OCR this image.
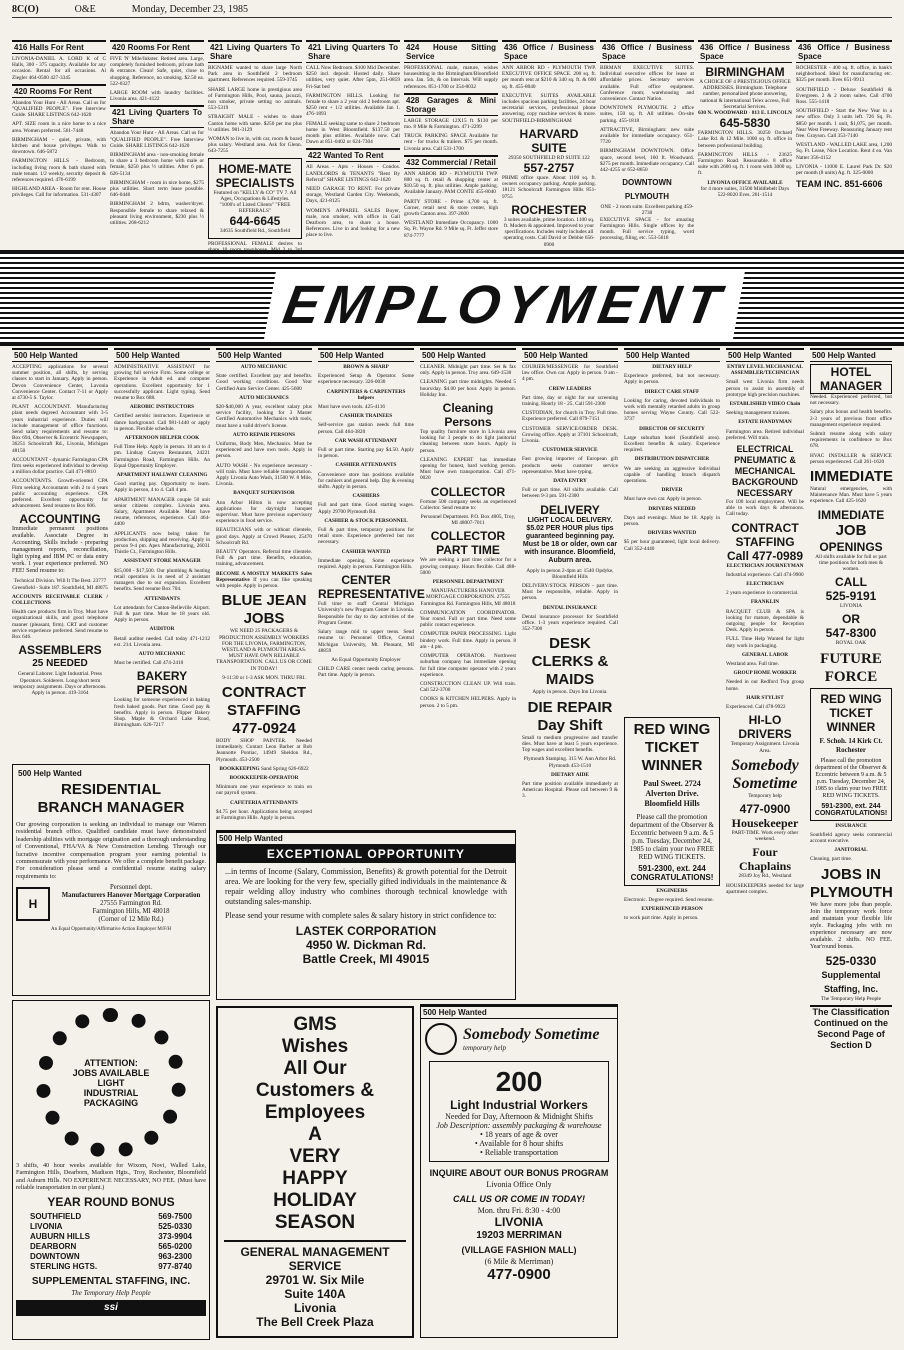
8C(O)	O&E	Monday, December 23, 1985
416 Halls For Rent

LIVONIA-DANIEL A. LORD K of C Halls, 300 - 375 capacity. Available for any occasion. Rental for all occasions. Al Ziegler 464-0500 427-3345

420 Rooms For Rent

Abandon Your Hunt - All Areas. Call us for "QUALIFIED PEOPLE". Free Interview Guide. SHARE LISTINGS 642-1620

APT. SIZE room in a nice home to a nice area. Women preferred. 561-7448

BIRMINGHAM - quiet, private, with kitchen and house privileges. Walk to downtown. 646-5872

FARMINGTON HILLS - Bedroom, including living room & bath shared with male tenant. 1/2 weekly, security deposit & references required. 476-6199

HIGHLAND AREA - Room for rent. House privileges. Call for information. 531-4307

420 Rooms For Rent

FIVE 'N' Mile/Inkster. Retired area. Large, completely furnished bedroom, private bath & entrance. Clean! Safe, quiet, close to shopping. Reference, no smoking. $2.50 ea. 522-0327

LARGE ROOM with laundry facilities. Livonia area. 421-4122

421 Living Quarters To Share

Abandon Your Hunt - All Areas. Call us for "QUALIFIED PEOPLE". Free Interview Guide. SHARE LISTINGS 642-1620

BIRMINGHAM area - non-smoking female to share a 3 bedroom home with male or female, $250 plus ½ utilities. After 6 pm. 626-5134

BIRMINGHAM - room in nice home, $275 plus utilities. Short term lease possible. 646-0446

BIRMINGHAM 2 bdrm, washer/dryer. Responsible female to share relaxed & pleasant living environment, $230 plus ½ utilities. 268-6212

421 Living Quarters To Share

BIGNAME wanted to share large North Park area in Southfield 2 bedroom apartment. References required. 559-3745

SHARE LARGE home in prestigious area of Farmington Hills, Pool, sauna, jacuzzi, non smoker, private setting no animals. 553-5319

STRAIGHT MALE - wishes to share Canton home with same. $250 per mo plus ½ utilities. 981-3129

WOMAN to live in, with car, room & board plus salary. Westland area. Ask for Glenn. 643-7255

HOME-MATE SPECIALISTS

Featured on "KELLY & CO" TV 7. All Ages, Occupations & Lifestyles. "1000's of Listed Clients" "FREE REFERRALS"

644-6645

34635 Southfield Rd., Southfield

PROFESSIONAL FEMALE desires to

421 Living Quarters To Share

CALL Now Bedroom. $100 Mid December. $250 incl. deposit. Hosted daily. Share utilities, very quiet. After 5pm, 251-0859 Fri-Sat bed

FARMINGTON HILLS. Looking for female to share a 2 year old 2 bedroom apt. $250 rent + 1/2 utilities. Available Jan 1. 476-1893

FEMALE seeking same to share 2 bedroom home in West Bloomfield. $137.50 per month plus utilities. Available now. Call Dawn at 851-0402 or 624-7304

422 Wanted To Rent

All Areas - Apts - Houses - Condos. LANDLORDS & TENANTS "Rent By Referral" SHARE LISTINGS 642-1620

NEED GARAGE TO RENT. For private storage, Westland Garden City. Weekends, Days, 421-8125

WOMEN'S APPAREL SALES Buyer, male, non smoker, with office in Gail Dearborn area, to share a house. References. Live in and looking for a new place to live.

424 House Sitting Service

PROFESSIONAL male, mature, wishes housesitting in the Birmingham/Bloomfield area. Jan. 5th, & on Intervals. Will supply references. 851-1700 or 354-8032

428 Garages & Mini Storage

LARGE STORAGE 12X15 ft. $130 per mo. 8 Mile & Farmington. 471-2299

TRUCK PARKING SPACE Available for rent - for trucks & trailers. $75 per month. Livonia area. Call 531-1700

432 Commercial / Retail

ANN ARBOR RD - PLYMOUTH TWP. 800 sq. ft. retail & shopping center at $10.50 sq. ft. plus utilities. Ample parking. Available January. PAM CONTE 455-8040

PARTY STORE - Prime 4,700 sq. ft. Corner, retail next & store center, high growth Canton area. 397-2600

WESTLAND Immediate Occupancy. 1000 Sq. Ft. Wayne Rd. 9 Mile sq. Ft. Jeffer store 874-7777

436 Office / Business Space

ANN ARBOR RD - PLYMOUTH TWP. EXECUTIVE OFFICE SPACE. 200 sq. ft. per month rent at $210 & 340 sq. ft. & 600 sq. ft. 455-8040

EXECUTIVE SUITES AVAILABLE includes spacious parking facilities, 24 hour secretarial services, professional phone answering, copy machine services & more. SOUTHFIELD-BIRMINGHAM

HARVARD SUITE

29350 SOUTHFIELD RD SUITE 122

557-2757

PRIME office space. About 1100 sq. ft. owners occupancy parking. Ample parking. 18121 Schoolcraft Farmington Hills 851-9755

ROCHESTER

3 suites available, prime location. 1100 sq. ft. Modern & appointed. Improved to your specifications. Includes realty includes all operating costs. Call David or Debbie 656-0900

436 Office / Business Space

BIRMAN EXECUTIVE SUITES. Individual executive offices for lease at affordable prices. Secretary services available. Full office equipment. Conference room; warehousing and convenience. Contact Nation.

DOWNTOWN PLYMOUTH. 2 office suites, 150 sq. ft. All utilities. On-site parking. 455-1818

ATTRACTIVE, Birmingham: new suite available for immediate occupancy. 651-7720

BIRMINGHAM DOWNTOWN. Office space, second level, 160 ft. Woodward. $275 per month. Immediate occupancy. Call 442-4255 or 652-8650

DOWNTOWN PLYMOUTH

ONE - 2 room suite. Excellent parking 459-2730

EXECUTIVE SPACE - for amazing Farmington Hills. Single offices by the month. Full service typing, word processing, filing, etc. 553-5618

436 Office / Business Space
BIRMINGHAM

A CHOICE OF 4 PRESTIGIOUS OFFICE ADDRESSES. Birmingham. Telephone number, personalized phone answering, national & international Telex access, Full Secretarial Services.

630 N. WOODWARD · 813 E. LINCOLN

645-5830

FARMINGTON HILLS. 30250 Orchard Lake Rd. & 12 Mile. 1000 sq. ft. office in between professional building.

FARMINGTON HILLS - 23625 Farmington Road. Reasonable. 8 office suite with 2600 sq. ft. 1 room with 3000 sq. ft.

LIVONIA OFFICE AVAILABLE

for 4 more suites, 31500 Middlebelt Days 522-8020 Eves. 261-1514

436 Office / Business Space

ROCHESTER - 400 sq. ft. office, in bank's neighborhood. Ideal for manufacturing etc. $325 per month. Eves 651-9913

SOUTHFIELD - Deluxe Southfield & Evergreen. 2 & 2 room suites. Call 4700 Ross. 555-1418

SOUTHFIELD - Start the New Year in a new office. Only 3 units left. 726 Sq. Ft. $850 per month. 1 unit, $1,075, per month. Near West Freeway. Reassuring January rent free. Grayson. Call 353-7140

WESTLAND - WALLED LAKE area, 1,200 Sq. Ft. Lease, Nice Location. Rent 4 ea. Van Natter 356-4152

LIVONIA - 11000 E. Laurel Park Dr. $20 per month (8 units) Ag. ft. 325-0000

TEAM INC. 851-6606
EMPLOYMENT
500 Help Wanted

ACCEPTING applications for several summer position, all shifts, by serving classes to start in January. Apply in person. Devon Convenience Center, Lavonia Convenience Center. Contact 7-11 or Apply at 4730-5 S. Taylor.

PLANT ACCOUNTANT. Manufacturing plant needs degreed Accountant with 3-5 years industrial experience. Duties will include management of office functions. Send salary requirements and resume to: Box 694, Observer & Eccentric Newspapers, 36251 Schoolcraft Rd., Livonia, Michigan 48150

ACCOUNTANT - dynamic Farmington CPA firm seeks experienced individual to develop a million dollar practice. Call 471-8810

ACCOUNTANTS. Growth-oriented CPA Firm seeking Accountants with 2 to 4 years public accounting experience. CPA preferred. Excellent opportunity for advancement. Send resume to Box 606.

ACCOUNTING

Immediate permanent positions available. Associate Degree in Accounting, Skills include - preparing management reports, reconciliation, light typing and IBM PC or data entry work. 1 year experience preferred. NO FEE! Send resume to:

Technical Division. Will It The Best. 23777 Greenfield - Suite 187. Southfield, MI 48075

ACCOUNTS RECEIVABLE CLERK / COLLECTIONS

Health care products firm in Troy. Must have organizational skills, and good telephone manner (pleasant, firm). CRT and customer service experience preferred. Send resume to Box 646.

ASSEMBLERS
25 NEEDED

General Laborer. Light Industrial. Press Operators. Solderers. Long/short term temporary assignments. Days or afternoons. Apply in person. 419-3164

500 Help Wanted

ADMINISTRATIVE ASSISTANT for growing full service Firm. Some college or Experience in Adult ed. and computer operations. Excellent opportunity for 1 successfully applicant. Light typing. Send resume to Box 688.

AEROBIC INSTRUCTORS

Certified aerobic instructors. Experience or dance background. Call 981-1440 or apply in person. Flexible schedule.

AFTERNOON HELPER COOK

Full Time Help. Apply in person. 10 am to 4 pm. Lindsay Canyon Restaurant, 24221 Farmington Road, Farmington Hills. An Equal Opportunity Employer.

APARTMENT HALLWAY CLEANING

Good starting pay. Opportunity to learn. Apply in person, 4 to 4. Call 4 pm.

APARTMENT MANAGER couple 50 unit senior citizens complex. Livonia area. Salary, Apartment Available. Must have resume, references, experience. Call 464-4400

APPLICANTS now being taken for production, shipping and receiving. Apply in person 9-4 pm. Apex Manufacturing, 26031 Thistle Ct., Farmington Hills.

ASSISTANT STORE MANAGER

$15,000 - $17,500. Our plumbing & heating retail operation is in need of 2 assistant managers due to our expansion. Excellent benefits. Send resume Box 704.

ATTENDANTS

Lot attendants for Canton-Belleville Airport. Full & part time. Must be 18 years old. Apply in person.

AUDITOR

Retail auditor needed. Call today 471-1212 ext. 214. Livonia area.

AUTO MECHANIC

Must be certified. Call 474-2410

BAKERY PERSON

Looking for someone experienced in baking fresh baked goods. Part time. Good pay & benefits. Apply in person. Flipper Bakery Shop. Maple & Orchard Lake Road, Birmingham. 626-7217

500 Help Wanted

AUTO MECHANIC

State certified. Excellent pay and benefits. Good working conditions. Good Year Certified Auto Service Center. 425-5600

AUTO MECHANICS

$20-$40,000 A year, excellent salary plus service facility, looking for 3 Master Certified Automotive Mechanics with tools, must have a valid driver's license.

AUTO REPAIR PERSONS

Uniforms, Body Men, Mechanics. Must be experienced and have own tools. Apply in person.

AUTO WASH - No experience necessary - will train. Must have reliable transportation. Apply Livonia Auto Wash, 31500 W. 8 Mile, Livonia.

BANQUET SUPERVISOR

Ann Arbor Hilton is now accepting applications for day/night banquet supervisor. Must have previous supervisory experience in food service.

BEAUTICIANS with or without clientele, good days. Apply at Crowd Pleaser, 25470 Schoolcraft Rd.

BEAUTY Operators. Referral time clientele. Full & part time. Benefits, education, training, advancement.

BECOME A MOSTLY MARKETS Sales Representative If you can like speaking with people. Apply in person.

BLUE JEAN JOBS

WE NEED 25 PACKAGERS & PRODUCTION ASSEMBLY WORKERS FOR THE LIVONIA, FARMINGTON, WESTLAND & PLYMOUTH AREAS. MUST HAVE OWN RELIABLE TRANSPORTATION. CALL US OR COME IN TODAY!

9-11:30 or 1-3 ASK MON. THRU FRI.

CONTRACT STAFFING
477-0924

BODY SHOP PAINTER. Needed immediately. Contact Leon Barber at Bob Jeannotte Pontiac, 14949 Sheldon Rd., Plymouth. 453-2500

BOOKKEEPING Sand Spring 626-6922

BOOKKEEPER-OPERATOR

Minimum one year experience to train on our payroll system.

CAFETERIA ATTENDANTS

$4.75 per hour. Applications being accepted at Farmington Hills. Apply in person.

500 Help Wanted

BROWN & SHARP

Experienced Setup & Operator. Some experience necessary. 326-0030

CARPENTERS & CARPENTERS helpers

Must have own tools. 425-4116

CASHIER TRAINEES

Self-service gas station needs full time person. Call 464-3820

CAR WASH ATTENDANT

Full or part time. Starting pay $4.50. Apply in person.

CASHIER ATTENDANTS

Convenience store has positions available for cashiers and general help. Day & evening shifts. Apply in person.

CASHIERS

Full and part time. Good starting wages. Apply 29700 Plymouth Rd.

CASHIER & STOCK PERSONNEL

Full & part time, temporary positions for retail store. Experience preferred but not necessary.

CASHIER WANTED

Immediate opening. Some experience required. Apply in person. Farmington Hills.

CENTER REPRESENTATIVE

Full time to staff Central Michigan University's new Program Center in Livonia. Responsible for day to day activities of the Program Center.

Salary range mid to upper teens. Send resume to: Personnel Office, Central Michigan University, Mt. Pleasant, MI 48859

An Equal Opportunity Employer

CHILD CARE center needs caring persons. Part time. Apply in person.

500 Help Wanted

CLEANER. Midnight part time. Set & fax only. Apply in person. Troy area. 649-1530

CLEANING part time midnights. Needed 5 hours/day. $4.00 per hour. Apply in person. Holiday Inn.

Cleaning Persons

Top quality furniture store in Livonia area looking for 3 people to do light janitorial cleaning between store hours. Apply in person.

CLEANING EXPERT has immediate opening for honest, hard working person. Must have own transportation. Call 471-0020

COLLECTOR

Fortune 500 company seeks an experienced Collector. Send resume to:

Personnel Department. P.O. Box 4005, Troy, MI 48007-7011

COLLECTOR PART TIME

We are seeking a part time collector for a growing company. Hours flexible. Call 488-5000

PERSONNEL DEPARTMENT

MANUFACTURERS HANOVER MORTGAGE CORPORATION. 27555 Farmington Rd. Farmington Hills, MI 48018

COMMUNICATION COORDINATOR. Year round. Full or part time. Need some public contact experience.

COMPUTER PAPER PROCESSING. Light bindery work. Full time. Apply in person. 8 am - 4 pm.

COMPUTER OPERATOR. Northwest suburban company has immediate opening for full time computer operator with 2 years experience.

CONSTRUCTION CLEAN UP. Will train. Call 522-3700

COOKS & KITCHEN HELPERS. Apply in person. 2 to 5 pm.

500 Help Wanted

COURIER/MESSENGER for Southfield law office. Own car. Apply in person. 9 am - 4 pm.

CREW LEADERS

Part time, day or night for our screening training. Hourly 18 - 25. Call 591-2300

CUSTODIAN, for church in Troy. Full time. Experience preferred. Call 879-7151

CUSTOMER SERVICE/ORDER DESK. Growing office. Apply at 37101 Schoolcraft, Livonia.

CUSTOMER SERVICE

Fast growing importer of European gift products seeks customer service representative. Must have typing.

DATA ENTRY

Full or part time. All shifts available. Call between 9-3 pm. 591-2300

DELIVERY

LIGHT LOCAL DELIVERY. $5.02 PER HOUR plus tips guaranteed beginning pay. Must be 18 or older, own car with insurance. Bloomfield, Auburn area.

Apply in person 2-4pm at: 1540 Opdyke, Bloomfield Hills

DELIVERY/STOCK PERSON - part time. Must be responsible, reliable. Apply in person.

DENTAL INSURANCE

Dental insurance processor for Southfield office. 1-3 years experience required. Call 352-7300

DESK CLERKS & MAIDS

Apply in person. Days Inn Livonia.

DIE REPAIR Day Shift

Small to medium progressive and transfer dies. Must have at least 5 years experience. Top wages and excellent benefits.

Plymouth Stamping. 315 W. Ann Arbor Rd. Plymouth 453-1510

DIETARY AIDE

Part time position available immediately at American Hospital. Please call between 9 & 3.

500 Help Wanted

DIETARY HELP

Experience preferred, but not necessary. Apply in person.

DIRECT CARE STAFF

Looking for caring, devoted individuals to work with mentally retarded adults in group homes serving Wayne County. Call 522-3737

DIRECTOR OF SECURITY

Large suburban hotel (Southfield area). Excellent benefits & salary. Experience required.

DISTRIBUTION DISPATCHER

We are seeking an aggressive individual capable of handling branch dispatch operations.

DRIVER

Must have own car. Apply in person.

DRIVERS NEEDED

Days and evenings. Must be 18. Apply in person.

DRIVERS WANTED

$5 per hour guaranteed, light local delivery. Call 352-4440

RED WING TICKET WINNER

Paul Sweet. 2724 Alverton Drive. Bloomfield Hills

Please call the promotion department of the Observer & Eccentric between 9 a.m. & 5 p.m. Tuesday, December 24, 1985 to claim your two FREE RED WING TICKETS.

591-2300, ext. 244

CONGRATULATIONS!

ENGINEERS

Electronic. Degree required. Send resume.

EXPERIENCED PERSON

to work part time. Apply in person.

500 Help Wanted

ENTRY LEVEL MECHANICAL ASSEMBLER/TECHNICIAN

Small west Livonia firm needs person to assist in assembly of prototype high precision machines.

ESTABLISHED VIDEO Chain

Seeking management trainees.

ESTATE HANDYMAN

Farmington area. Retired individual preferred. Will train.

ELECTRICAL PNEUMATIC & MECHANICAL BACKGROUND NECESSARY

For 100 local employment. Will be able to work days & afternoons. Call today.

CONTRACT STAFFING
Call 477-0989

ELECTRICIAN JOURNEYMAN

Industrial experience. Call 474-9900

ELECTRICIAN

2 years experience in commercial.

FRANKLIN

RACQUET CLUB & SPA is looking for mature, dependable & outgoing people for Reception Desk. Apply in person.

FULL Time Help Wanted for light duty work in packaging.

GENERAL LABOR

Westland area. Full time.

GROUP HOME WORKER

Needed in our Redford Twp group home.

HAIR STYLIST

Experienced. Call 478-9922

HI-LO DRIVERS

Temporary Assignment. Livonia Area.

Somebody Sometime

Temporary help

477-0900
Housekeeper

PART-TIME. Work every other weekend.

Four Chaplains

28349 Joy Rd., Westland

HOUSEKEEPERS needed for large apartment complex.

500 Help Wanted
HOTEL MANAGER

Needed. Experienced preferred, but not necessary.

Salary plus bonus and health benefits. 2-3 years of previous front office management experience required.

Submit resume along with salary requirements in confidence to Box 678.

HVAC INSTALLER & SERVICE person experienced. Call 261-1620

IMMEDIATE

Natural emergencies, with Maintenance Man. Must have 5 years experience. Call 425-1620

IMMEDIATE
JOB
OPENINGS

All shifts available for full or part time positions for both men & women.

CALL
525-9191

LIVONIA

OR
547-8300

ROYAL OAK

FUTURE FORCE
RED WING TICKET WINNER

F. Schoh. 14 Kirk Ct. Rochester

Please call the promotion department of the Observer & Eccentric between 9 a.m. & 5 p.m. Tuesday, December 24, 1985 to claim your two FREE RED WING TICKETS.

591-2300, ext. 244

CONGRATULATIONS!

INSURANCE

Southfield agency seeks commercial account executive.

JANITORIAL

Cleaning, part time.

JOBS IN PLYMOUTH

We have more jobs than people. Join the temporary work force and maintain your flexible life style. Packaging jobs with no experience necessary are now available. 2 shifts. NO FEE. Year'round bonus.

525-0330
Supplemental Staffing, Inc.

The Temporary Help People

The Classification Continued on the Second Page of Section D
500 Help Wanted
RESIDENTIAL
BRANCH MANAGER

Our growing corporation is seeking an individual to manage our Warren residential branch office. Qualified candidate must have demonstrated leadership abilities with mortgage origination and a thorough understanding of Conventional, FHA/VA & New Construction Lending. Through our lucrative incentive compensation program your earning potential is commensurate with your performance. We offer a complete benefit package. For consideration please send a confidential resume stating salary requirements to:

H
Personnel dept.
Manufacturers Hanover Mortgage Corporation
27555 Farmington Rd.
Farmington Hills, MI 48018
(Corner of 12 Mile Rd.)

An Equal Opportunity/Affirmative Action Employer M/F/H

ATTENTION:
JOBS AVAILABLE
LIGHT
INDUSTRIAL
PACKAGING

3 shifts, 40 hour weeks available for Wixom, Novi, Walled Lake, Farmington Hills, Dearborn, Madison Hgts., Troy, Rochester, Bloomfield and Auburn Hills. NO EXPERIENCE NECESSARY, NO FEE. (Must have reliable transportation in our plant.)

YEAR ROUND BONUS
SOUTHFIELD	569-7500
LIVONIA	525-0330
AUBURN HILLS	373-9904
DEARBORN	565-0200
DOWNTOWN	963-2300
STERLING HGTS.	977-8740
SUPPLEMENTAL STAFFING, INC.

The Temporary Help People

ssi
500 Help Wanted
EXCEPTIONAL OPPORTUNITY

...in terms of Income (Salary, Commission, Benefits) & growth potential for the Detroit area. We are looking for the very few, specially gifted individuals in the maintenance & repair welding alloy industry who combines thorough technical knowledge with outstanding sales-manship.

Please send your resume with complete sales & salary history in strict confidence to:

LASTEK CORPORATION
4950 W. Dickman Rd.
Battle Creek, MI 49015
GMS
Wishes
All Our
Customers &
Employees
A
VERY
HAPPY
HOLIDAY
SEASON
GENERAL MANAGEMENT SERVICE
29701 W. Six Mile
Suite 140A
Livonia
The Bell Creek Plaza
500 Help Wanted
Somebody Sometime
temporary help
200
Light Industrial Workers

Needed for Day, Afternoon & Midnight Shifts

Job Description: assembly packaging & warehouse

• 18 years of age & over

• Available for 8 hour shifts

• Reliable transportation

INQUIRE ABOUT OUR BONUS PROGRAM

Livonia Office Only

CALL US OR COME IN TODAY!

Mon. thru Fri. 8:30 - 4:00

LIVONIA
19203 MERRIMAN
(VILLAGE FASHION MALL)

(6 Mile & Merriman)

477-0900
